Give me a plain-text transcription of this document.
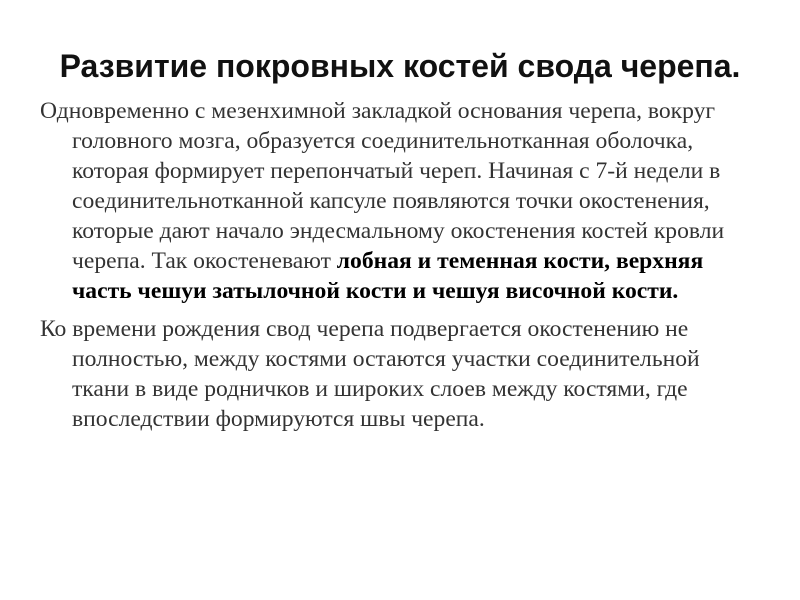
Развитие покровных костей свода черепа.

Одновременно с мезенхимной закладкой основания черепа, вокруг головного мозга, образуется соединительнотканная оболочка, которая формирует перепончатый череп. Начиная с 7-й недели в соединительнотканной капсуле появляются точки окостенения, которые дают начало эндесмальному окостенения костей кровли черепа. Так окостеневают лобная и теменная кости, верхняя часть чешуи затылочной кости и чешуя височной кости.

Ко времени рождения свод черепа подвергается окостенению не полностью, между костями остаются участки соединительной ткани в виде родничков и широких слоев между костями, где впоследствии формируются швы черепа.
